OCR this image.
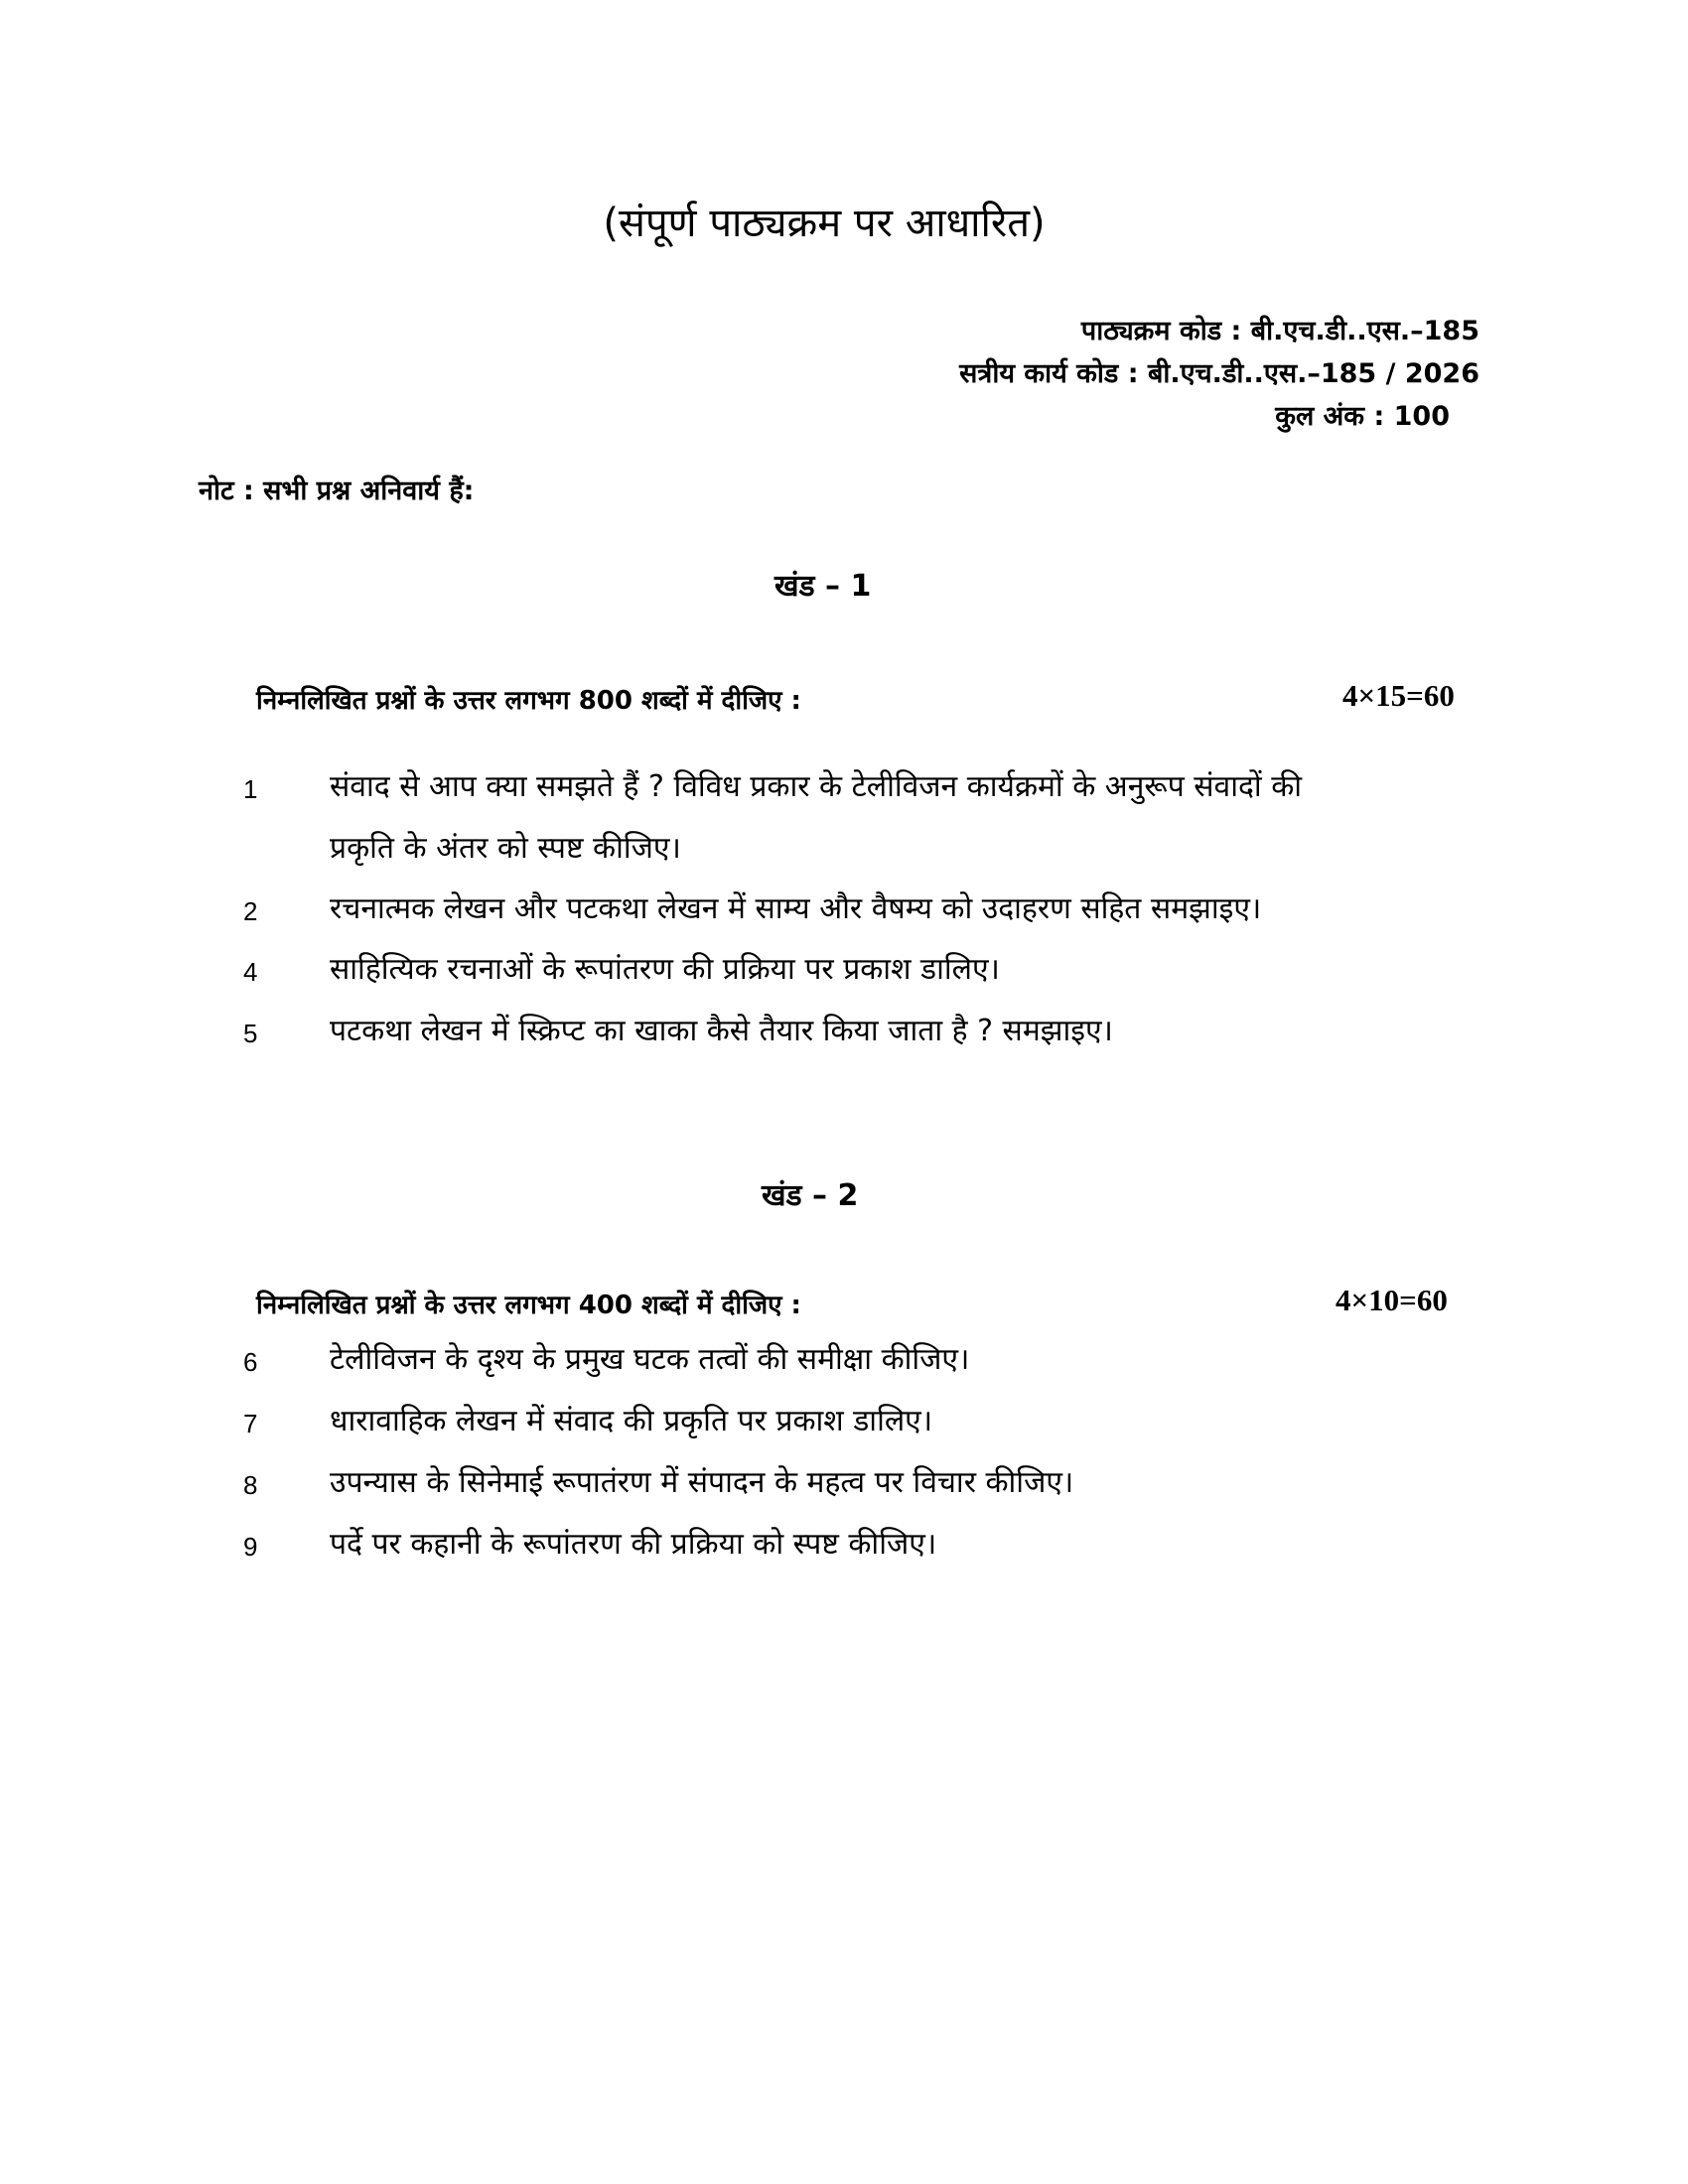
(संपूर्ण पाठ्यक्रम पर आधारित)
पाठ्यक्रम कोड : बी.एच.डी..एस.–185
सत्रीय कार्य कोड : बी.एच.डी..एस.–185 / 2026
कुल अंक : 100
नोट : सभी प्रश्न अनिवार्य हैं:
खंड – 1
निम्नलिखित प्रश्नों के उत्तर लगभग 800 शब्दों में दीजिए :	4×15=60
1 संवाद से आप क्या समझते हैं ? विविध प्रकार के टेलीविजन कार्यक्रमों के अनुरूप संवादों की
प्रकृति के अंतर को स्पष्ट कीजिए।
2 रचनात्मक लेखन और पटकथा लेखन में साम्य और वैषम्य को उदाहरण सहित समझाइए।
4 साहित्यिक रचनाओं के रूपांतरण की प्रक्रिया पर प्रकाश डालिए।
5 पटकथा लेखन में स्क्रिप्ट का खाका कैसे तैयार किया जाता है ? समझाइए।
खंड – 2
निम्नलिखित प्रश्नों के उत्तर लगभग 400 शब्दों में दीजिए :	4×10=60
6 टेलीविजन के दृश्य के प्रमुख घटक तत्वों की समीक्षा कीजिए।
7 धारावाहिक लेखन में संवाद की प्रकृति पर प्रकाश डालिए।
8 उपन्यास के सिनेमाई रूपातंरण में संपादन के महत्व पर विचार कीजिए।
9 पर्दे पर कहानी के रूपांतरण की प्रक्रिया को स्पष्ट कीजिए।
